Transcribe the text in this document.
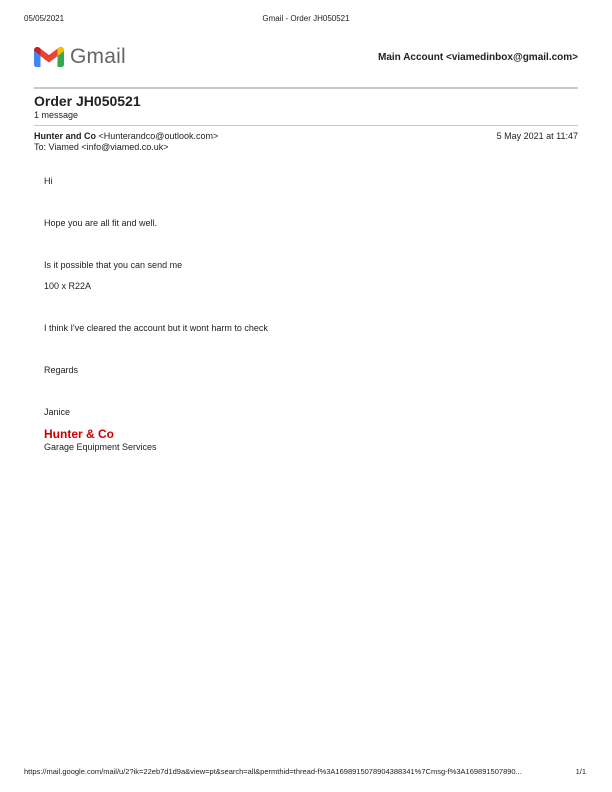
05/05/2021	Gmail - Order JH050521
Gmail	Main Account <viamedinbox@gmail.com>
Order JH050521
1 message
Hunter and Co <Hunterandco@outlook.com>	5 May 2021 at 11:47
To: Viamed <info@viamed.co.uk>
Hi
Hope you are all fit and well.
Is it possible that you can send me
100 x R22A
I think I've cleared the account but it wont harm to check
Regards
Janice
Hunter & Co
Garage Equipment Services
https://mail.google.com/mail/u/2?ik=22eb7d1d9a&view=pt&search=all&permthid=thread-f%3A1698915078904388341%7Cmsg-f%3A169891507890...	1/1
